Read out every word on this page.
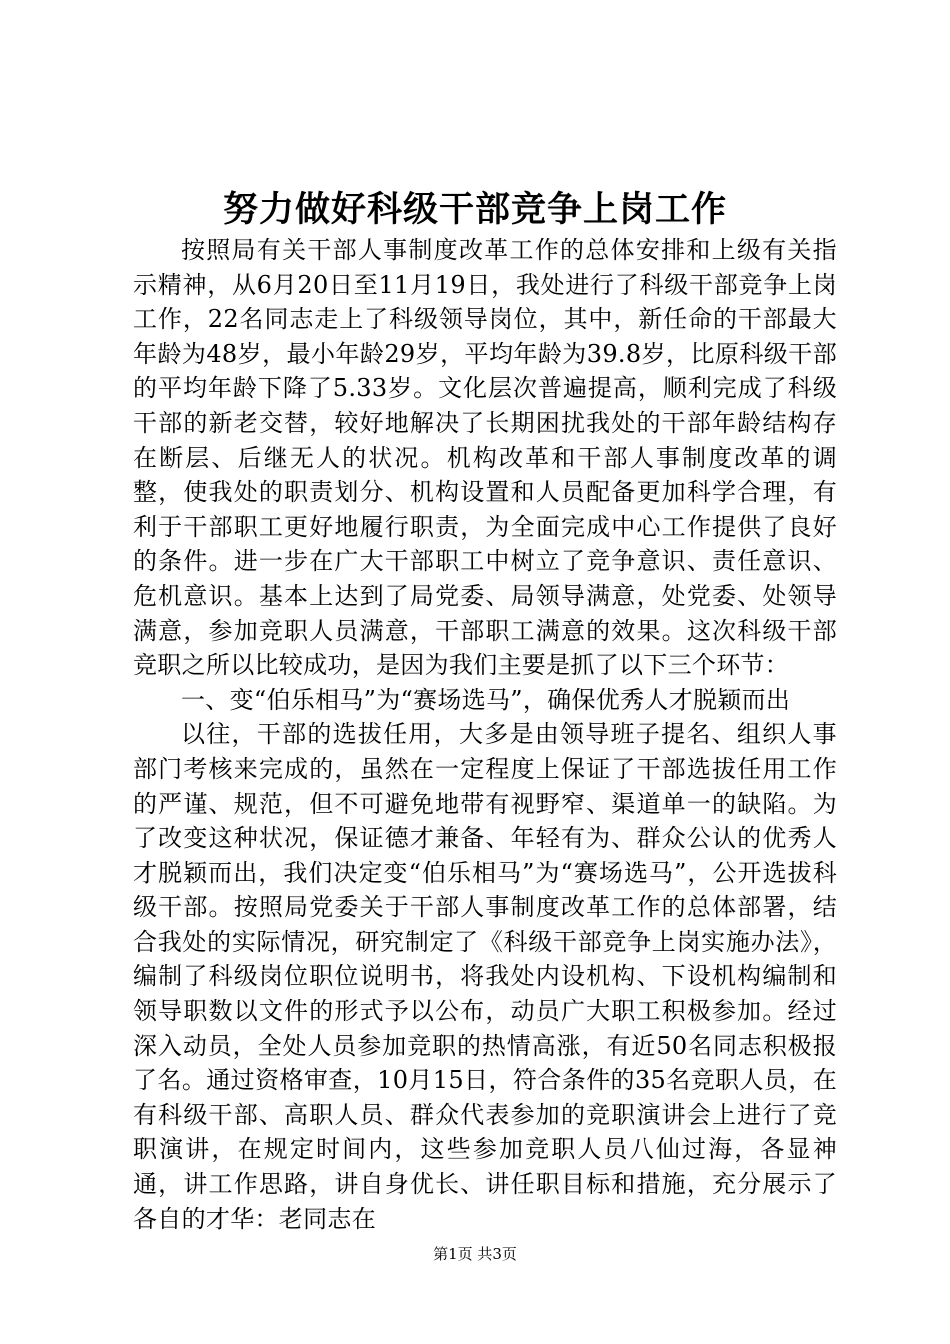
努力做好科级干部竞争上岗工作

按照局有关干部人事制度改革工作的总体安排和上级有关指示精神，从6月20日至11月19日，我处进行了科级干部竞争上岗工作，22名同志走上了科级领导岗位，其中，新任命的干部最大年龄为48岁，最小年龄29岁，平均年龄为39.8岁，比原科级干部的平均年龄下降了5.33岁。文化层次普遍提高，顺利完成了科级干部的新老交替，较好地解决了长期困扰我处的干部年龄结构存在断层、后继无人的状况。机构改革和干部人事制度改革的调整，使我处的职责划分、机构设置和人员配备更加科学合理，有利于干部职工更好地履行职责，为全面完成中心工作提供了良好的条件。进一步在广大干部职工中树立了竞争意识、责任意识、危机意识。基本上达到了局党委、局领导满意，处党委、处领导满意，参加竞职人员满意，干部职工满意的效果。这次科级干部竞职之所以比较成功，是因为我们主要是抓了以下三个环节：

一、变“伯乐相马”为“赛场选马”，确保优秀人才脱颖而出

以往，干部的选拔任用，大多是由领导班子提名、组织人事部门考核来完成的，虽然在一定程度上保证了干部选拔任用工作的严谨、规范，但不可避免地带有视野窄、渠道单一的缺陷。为了改变这种状况，保证德才兼备、年轻有为、群众公认的优秀人才脱颖而出，我们决定变“伯乐相马”为“赛场选马”，公开选拔科级干部。按照局党委关于干部人事制度改革工作的总体部署，结合我处的实际情况，研究制定了《科级干部竞争上岗实施办法》，编制了科级岗位职位说明书，将我处内设机构、下设机构编制和领导职数以文件的形式予以公布，动员广大职工积极参加。经过深入动员，全处人员参加竞职的热情高涨，有近50名同志积极报了名。通过资格审查，10月15日，符合条件的35名竞职人员，在有科级干部、高职人员、群众代表参加的竞职演讲会上进行了竞职演讲，在规定时间内，这些参加竞职人员八仙过海，各显神通，讲工作思路，讲自身优长、讲任职目标和措施，充分展示了各自的才华：老同志在

第1页 共3页
